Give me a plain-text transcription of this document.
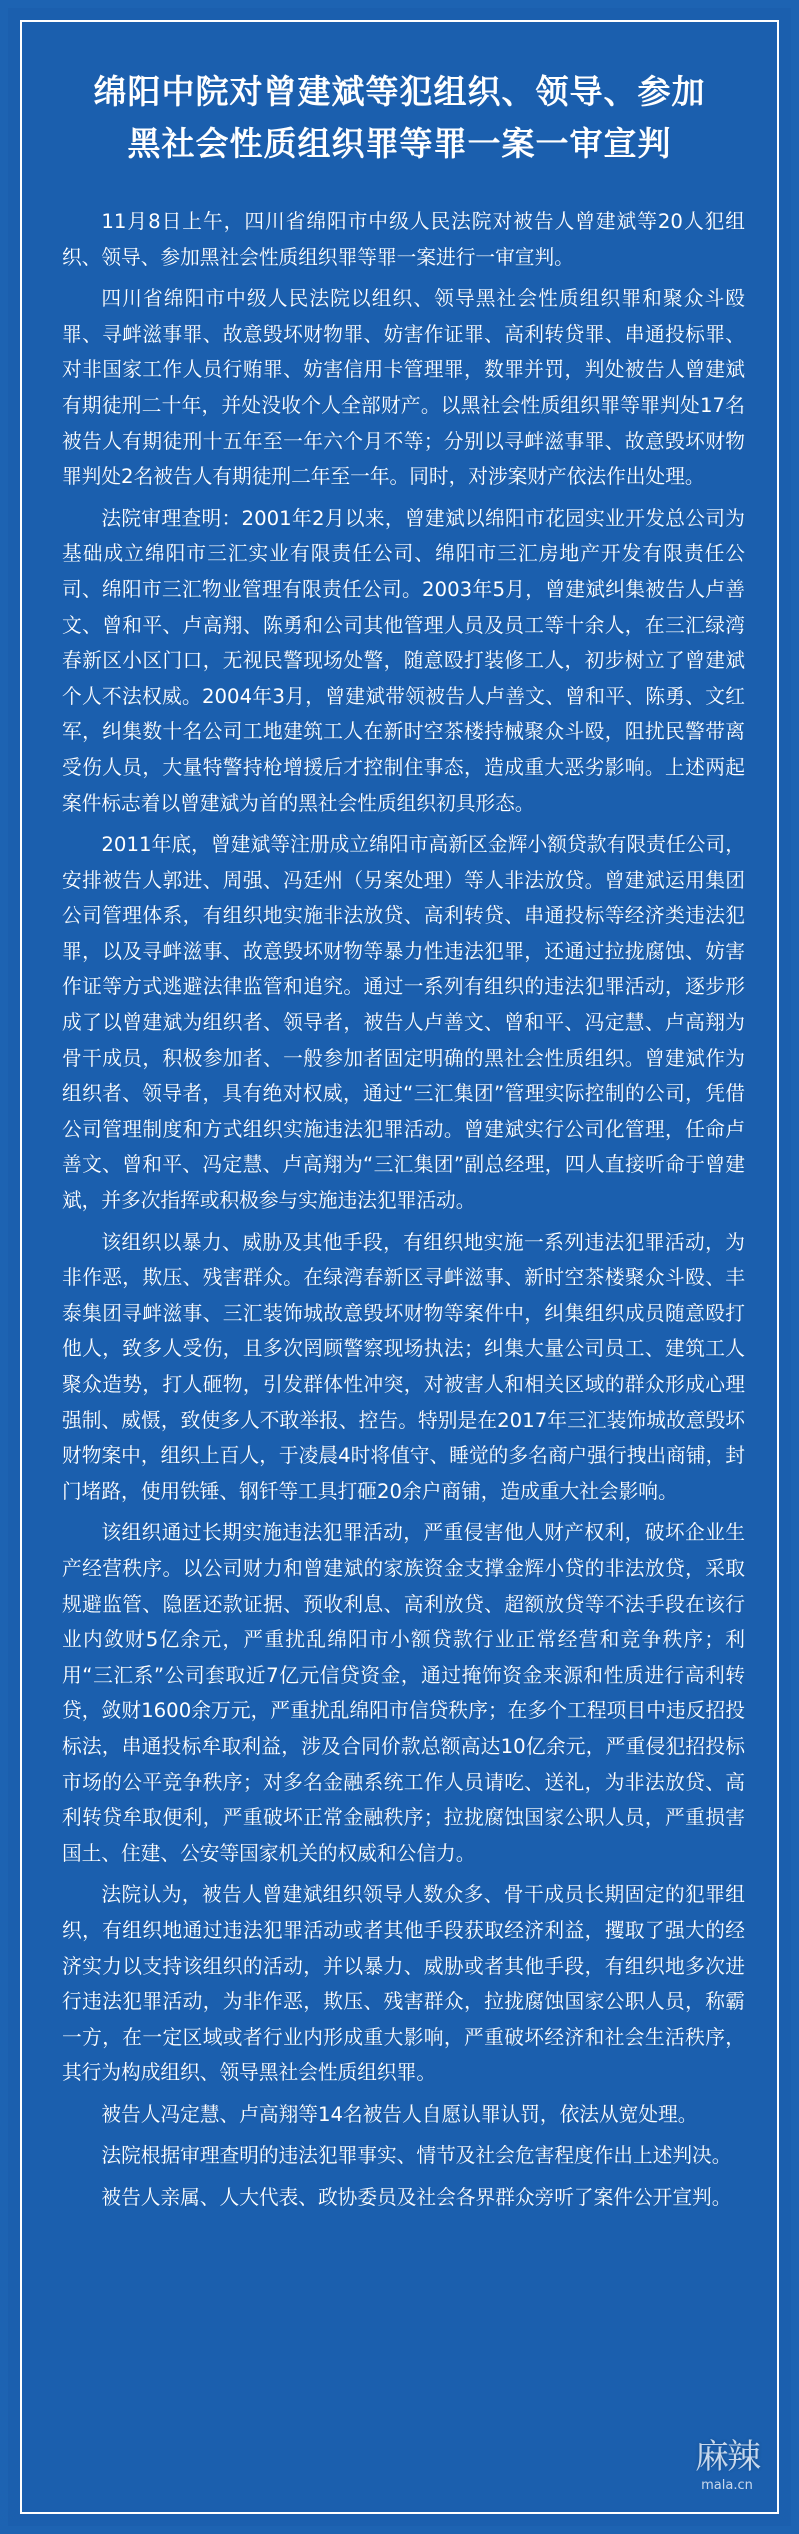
绵阳中院对曾建斌等犯组织、领导、参加
黑社会性质组织罪等罪一案一审宣判

11月8日上午，四川省绵阳市中级人民法院对被告人曾建斌等20人犯组织、领导、参加黑社会性质组织罪等罪一案进行一审宣判。

四川省绵阳市中级人民法院以组织、领导黑社会性质组织罪和聚众斗殴罪、寻衅滋事罪、故意毁坏财物罪、妨害作证罪、高利转贷罪、串通投标罪、对非国家工作人员行贿罪、妨害信用卡管理罪，数罪并罚，判处被告人曾建斌有期徒刑二十年，并处没收个人全部财产。以黑社会性质组织罪等罪判处17名被告人有期徒刑十五年至一年六个月不等；分别以寻衅滋事罪、故意毁坏财物罪判处2名被告人有期徒刑二年至一年。同时，对涉案财产依法作出处理。

法院审理查明：2001年2月以来，曾建斌以绵阳市花园实业开发总公司为基础成立绵阳市三汇实业有限责任公司、绵阳市三汇房地产开发有限责任公司、绵阳市三汇物业管理有限责任公司。2003年5月，曾建斌纠集被告人卢善文、曾和平、卢高翔、陈勇和公司其他管理人员及员工等十余人，在三汇绿湾春新区小区门口，无视民警现场处警，随意殴打装修工人，初步树立了曾建斌个人不法权威。2004年3月，曾建斌带领被告人卢善文、曾和平、陈勇、文红军，纠集数十名公司工地建筑工人在新时空茶楼持械聚众斗殴，阻扰民警带离受伤人员，大量特警持枪增援后才控制住事态，造成重大恶劣影响。上述两起案件标志着以曾建斌为首的黑社会性质组织初具形态。

2011年底，曾建斌等注册成立绵阳市高新区金辉小额贷款有限责任公司，安排被告人郭进、周强、冯廷州（另案处理）等人非法放贷。曾建斌运用集团公司管理体系，有组织地实施非法放贷、高利转贷、串通投标等经济类违法犯罪，以及寻衅滋事、故意毁坏财物等暴力性违法犯罪，还通过拉拢腐蚀、妨害作证等方式逃避法律监管和追究。通过一系列有组织的违法犯罪活动，逐步形成了以曾建斌为组织者、领导者，被告人卢善文、曾和平、冯定慧、卢高翔为骨干成员，积极参加者、一般参加者固定明确的黑社会性质组织。曾建斌作为组织者、领导者，具有绝对权威，通过“三汇集团”管理实际控制的公司，凭借公司管理制度和方式组织实施违法犯罪活动。曾建斌实行公司化管理，任命卢善文、曾和平、冯定慧、卢高翔为“三汇集团”副总经理，四人直接听命于曾建斌，并多次指挥或积极参与实施违法犯罪活动。

该组织以暴力、威胁及其他手段，有组织地实施一系列违法犯罪活动，为非作恶，欺压、残害群众。在绿湾春新区寻衅滋事、新时空茶楼聚众斗殴、丰泰集团寻衅滋事、三汇装饰城故意毁坏财物等案件中，纠集组织成员随意殴打他人，致多人受伤，且多次罔顾警察现场执法；纠集大量公司员工、建筑工人聚众造势，打人砸物，引发群体性冲突，对被害人和相关区域的群众形成心理强制、威慑，致使多人不敢举报、控告。特别是在2017年三汇装饰城故意毁坏财物案中，组织上百人，于凌晨4时将值守、睡觉的多名商户强行拽出商铺，封门堵路，使用铁锤、钢钎等工具打砸20余户商铺，造成重大社会影响。

该组织通过长期实施违法犯罪活动，严重侵害他人财产权利，破坏企业生产经营秩序。以公司财力和曾建斌的家族资金支撑金辉小贷的非法放贷，采取规避监管、隐匿还款证据、预收利息、高利放贷、超额放贷等不法手段在该行业内敛财5亿余元，严重扰乱绵阳市小额贷款行业正常经营和竞争秩序；利用“三汇系”公司套取近7亿元信贷资金，通过掩饰资金来源和性质进行高利转贷，敛财1600余万元，严重扰乱绵阳市信贷秩序；在多个工程项目中违反招投标法，串通投标牟取利益，涉及合同价款总额高达10亿余元，严重侵犯招投标市场的公平竞争秩序；对多名金融系统工作人员请吃、送礼，为非法放贷、高利转贷牟取便利，严重破坏正常金融秩序；拉拢腐蚀国家公职人员，严重损害国土、住建、公安等国家机关的权威和公信力。

法院认为，被告人曾建斌组织领导人数众多、骨干成员长期固定的犯罪组织，有组织地通过违法犯罪活动或者其他手段获取经济利益，攫取了强大的经济实力以支持该组织的活动，并以暴力、威胁或者其他手段，有组织地多次进行违法犯罪活动，为非作恶，欺压、残害群众，拉拢腐蚀国家公职人员，称霸一方，在一定区域或者行业内形成重大影响，严重破坏经济和社会生活秩序，其行为构成组织、领导黑社会性质组织罪。

被告人冯定慧、卢高翔等14名被告人自愿认罪认罚，依法从宽处理。

法院根据审理查明的违法犯罪事实、情节及社会危害程度作出上述判决。

被告人亲属、人大代表、政协委员及社会各界群众旁听了案件公开宣判。

麻辣
mala.cn
